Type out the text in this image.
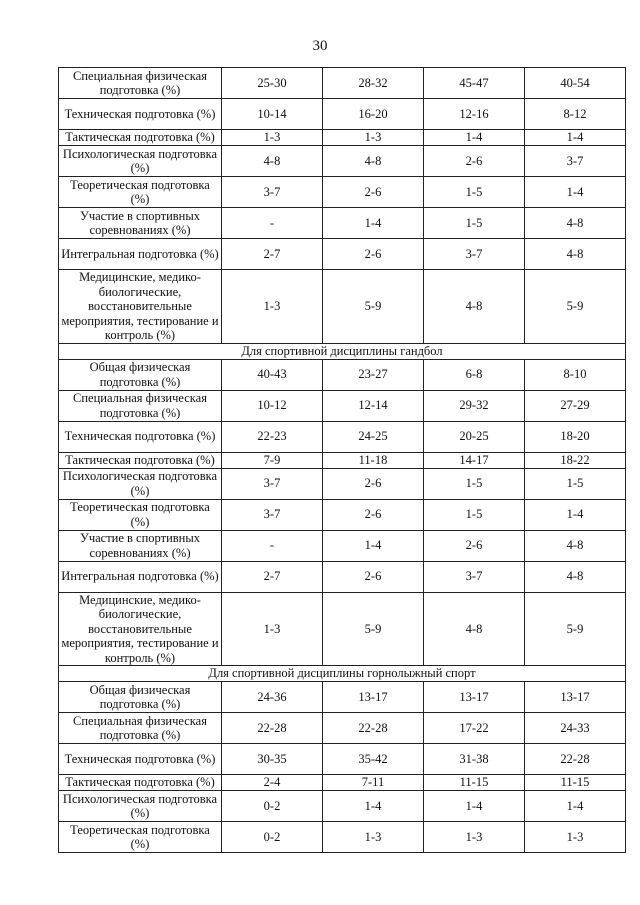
30
Специальная физическая подготовка (%)	25-30	28-32	45-47	40-54
Техническая подготовка (%)	10-14	16-20	12-16	8-12
Тактическая подготовка (%)	1-3	1-3	1-4	1-4
Психологическая подготовка (%)	4-8	4-8	2-6	3-7
Теоретическая подготовка (%)	3-7	2-6	1-5	1-4
Участие в спортивных соревнованиях (%)	-	1-4	1-5	4-8
Интегральная подготовка (%)	2-7	2-6	3-7	4-8
Медицинские, медико-биологические, восстановительные мероприятия, тестирование и контроль (%)	1-3	5-9	4-8	5-9
Для спортивной дисциплины гандбол				
Общая физическая подготовка (%)	40-43	23-27	6-8	8-10
Специальная физическая подготовка (%)	10-12	12-14	29-32	27-29
Техническая подготовка (%)	22-23	24-25	20-25	18-20
Тактическая подготовка (%)	7-9	11-18	14-17	18-22
Психологическая подготовка (%)	3-7	2-6	1-5	1-5
Теоретическая подготовка (%)	3-7	2-6	1-5	1-4
Участие в спортивных соревнованиях (%)	-	1-4	2-6	4-8
Интегральная подготовка (%)	2-7	2-6	3-7	4-8
Медицинские, медико-биологические, восстановительные мероприятия, тестирование и контроль (%)	1-3	5-9	4-8	5-9
Для спортивной дисциплины горнолыжный спорт				
Общая физическая подготовка (%)	24-36	13-17	13-17	13-17
Специальная физическая подготовка (%)	22-28	22-28	17-22	24-33
Техническая подготовка (%)	30-35	35-42	31-38	22-28
Тактическая подготовка (%)	2-4	7-11	11-15	11-15
Психологическая подготовка (%)	0-2	1-4	1-4	1-4
Теоретическая подготовка (%)	0-2	1-3	1-3	1-3
